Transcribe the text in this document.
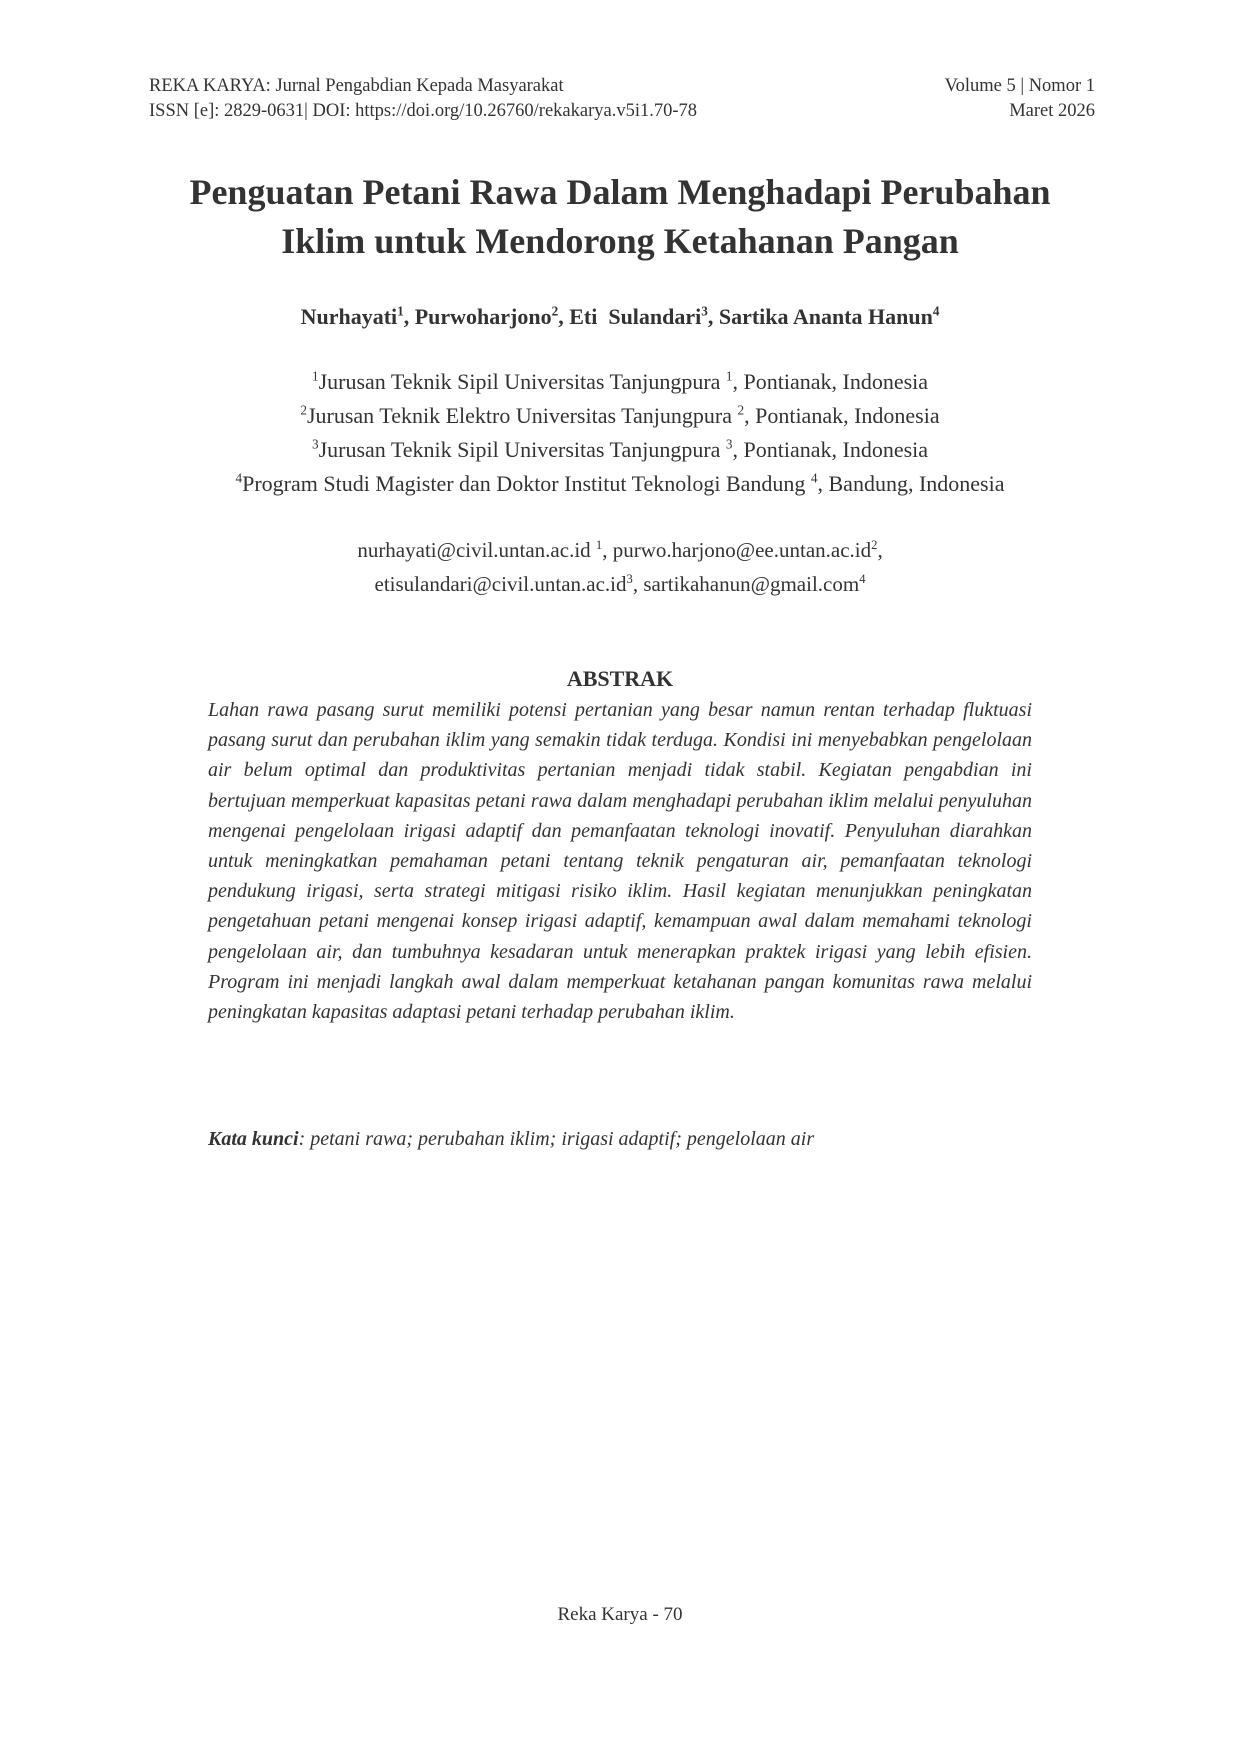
REKA KARYA: Jurnal Pengabdian Kepada Masyarakat	Volume 5 | Nomor 1
ISSN [e]: 2829-0631| DOI: https://doi.org/10.26760/rekakarya.v5i1.70-78	Maret 2026
Penguatan Petani Rawa Dalam Menghadapi Perubahan
Iklim untuk Mendorong Ketahanan Pangan
Nurhayati$^1$, Purwoharjono$^2$, Eti  Sulandari$^3$, Sartika Ananta Hanun$^4$
$^1$Jurusan Teknik Sipil Universitas Tanjungpura $^1$, Pontianak, Indonesia
$^2$Jurusan Teknik Elektro Universitas Tanjungpura $^2$, Pontianak, Indonesia
$^3$Jurusan Teknik Sipil Universitas Tanjungpura $^3$, Pontianak, Indonesia
$^4$Program Studi Magister dan Doktor Institut Teknologi Bandung $^4$, Bandung, Indonesia
nurhayati@civil.untan.ac.id $^1$, $purwo.harjono@ee.untan.ac.id^2$,
$etisulandari@civil.untan.ac.id^3$, sartikahanun@gmail.com$^4$
ABSTRAK
Lahan rawa pasang surut memiliki potensi pertanian yang besar namun rentan terhadap fluktuasi pasang surut dan perubahan iklim yang semakin tidak terduga. Kondisi ini menyebabkan pengelolaan air belum optimal dan produktivitas pertanian menjadi tidak stabil. Kegiatan pengabdian ini bertujuan memperkuat kapasitas petani rawa dalam menghadapi perubahan iklim melalui penyuluhan mengenai pengelolaan irigasi adaptif dan pemanfaatan teknologi inovatif. Penyuluhan diarahkan untuk meningkatkan pemahaman petani tentang teknik pengaturan air, pemanfaatan teknologi pendukung irigasi, serta strategi mitigasi risiko iklim. Hasil kegiatan menunjukkan peningkatan pengetahuan petani mengenai konsep irigasi adaptif, kemampuan awal dalam memahami teknologi pengelolaan air, dan tumbuhnya kesadaran untuk menerapkan praktek irigasi yang lebih efisien. Program ini menjadi langkah awal dalam memperkuat ketahanan pangan komunitas rawa melalui peningkatan kapasitas adaptasi petani terhadap perubahan iklim.
Kata kunci: petani rawa; perubahan iklim; irigasi adaptif; pengelolaan air
Reka Karya - 70
